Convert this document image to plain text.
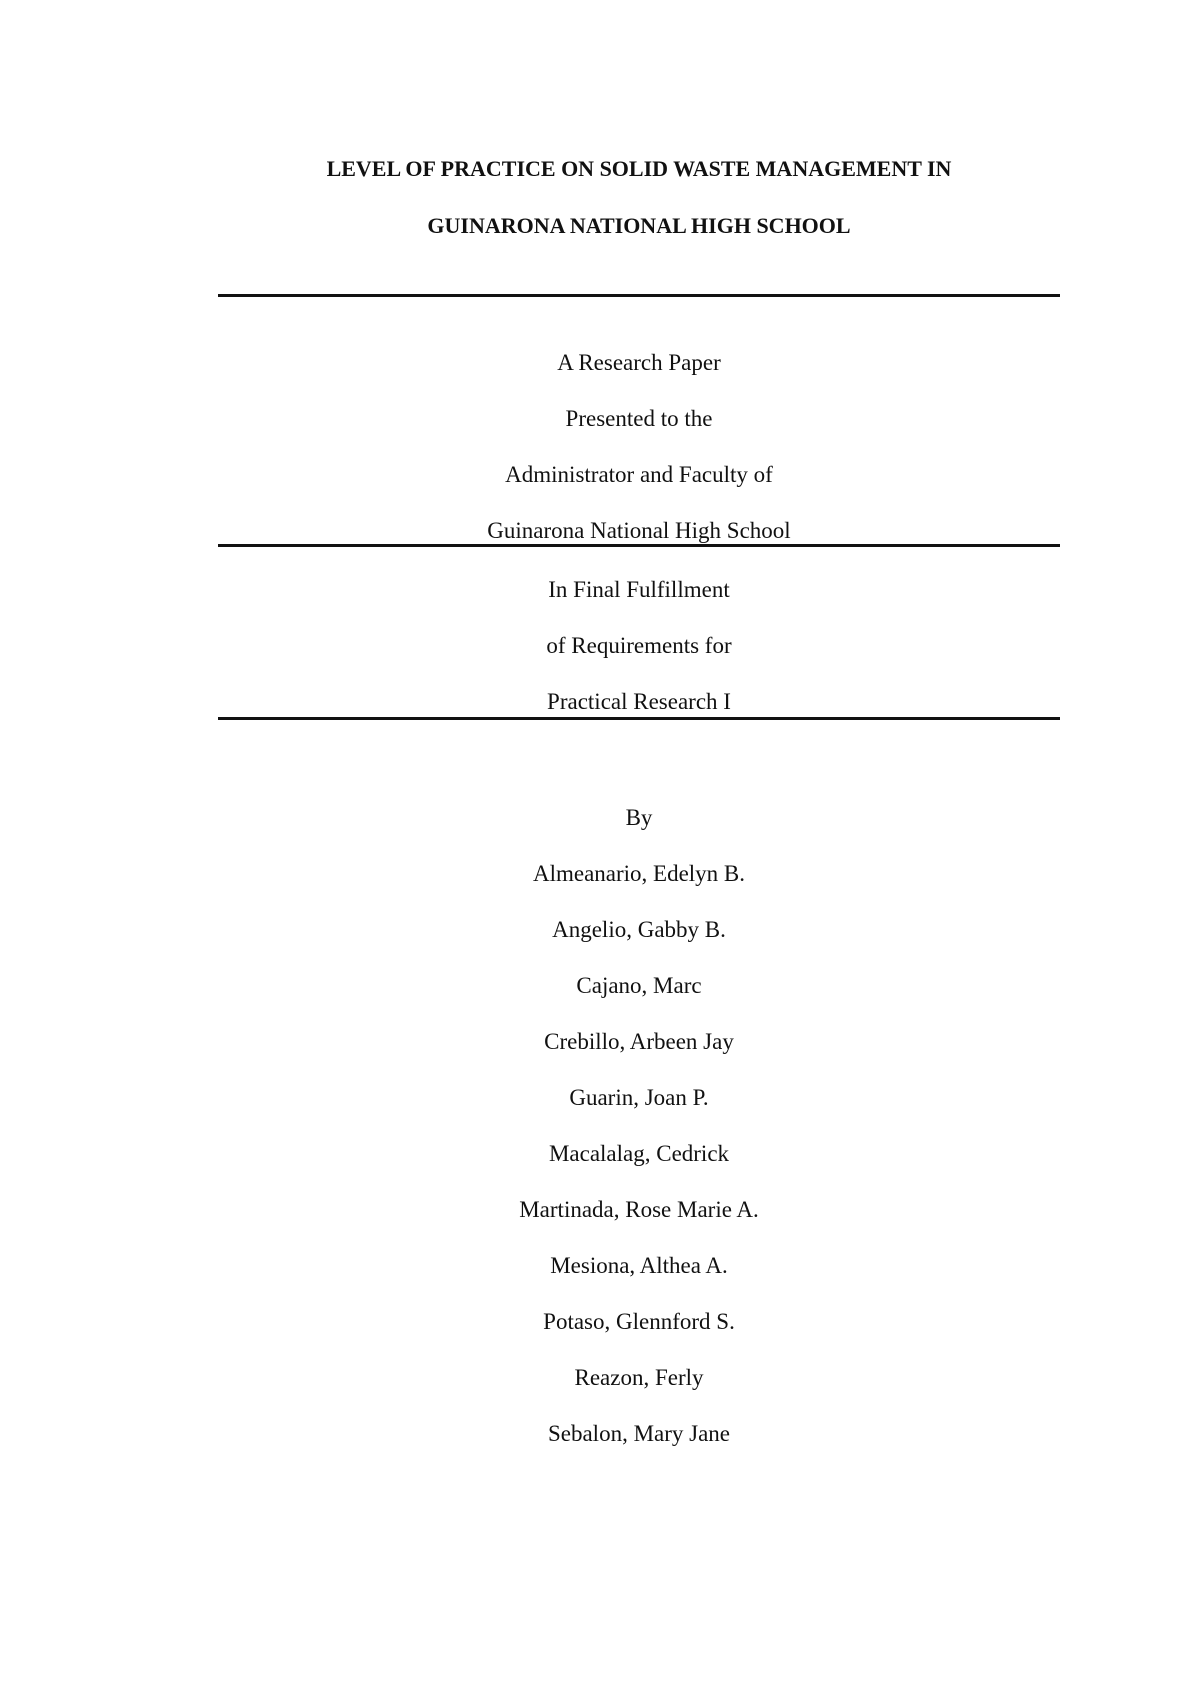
LEVEL OF PRACTICE ON SOLID WASTE MANAGEMENT IN
GUINARONA NATIONAL HIGH SCHOOL
A Research Paper
Presented to the
Administrator and Faculty of
Guinarona National High School
In Final Fulfillment
of Requirements for
Practical Research I
By
Almeanario, Edelyn B.
Angelio, Gabby B.
Cajano, Marc
Crebillo, Arbeen Jay
Guarin, Joan P.
Macalalag, Cedrick
Martinada, Rose Marie A.
Mesiona, Althea A.
Potaso, Glennford S.
Reazon, Ferly
Sebalon, Mary Jane
